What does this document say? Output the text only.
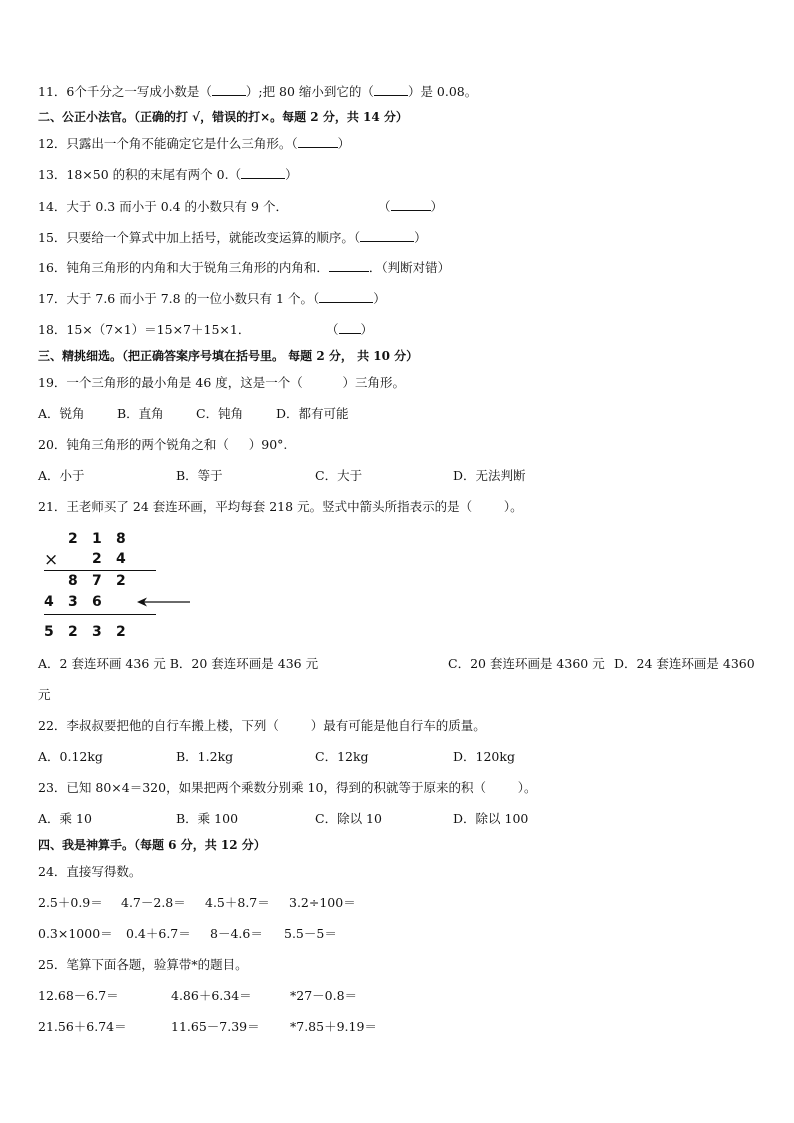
11．6个千分之一写成小数是（	）;把 80 缩小到它的（	）是 0.08。
二、公正小法官。（正确的打 √，错误的打×。每题 2 分，共 14 分）
12．只露出一个角不能确定它是什么三角形。（	）
13．18×50 的积的末尾有两个 0.（	）
14．大于 0.3 而小于 0.4 的小数只有 9 个．	（	）
15．只要给一个算式中加上括号，就能改变运算的顺序。（	）
16．钝角三角形的内角和大于锐角三角形的内角和．	．（判断对错）
17．大于 7.6 而小于 7.8 的一位小数只有 1 个。（	）
18．15×（7×1）＝15×7＋15×1．	（ ）
三、精挑细选。（把正确答案序号填在括号里。 每题 2 分， 共 10 分）
19．一个三角形的最小角是 46 度，这是一个（          ）三角形。
A．锐角	B．直角	C．钝角	D．都有可能
20．钝角三角形的两个锐角之和（     ）90°.
A．小于	B．等于	C．大于	D．无法判断
21．王老师买了 24 套连环画，平均每套 218 元。竖式中箭头所指表示的是（        ）。
2 1 8
× 2 4
8 7 2
4 3 6
5 2 3 2
A．2 套连环画 436 元 B．20 套连环画是 436 元	C．20 套连环画是 4360 元 D．24 套连环画是 4360
元
22．李叔叔要把他的自行车搬上楼，下列（        ）最有可能是他自行车的质量。
A．0.12kg	B．1.2kg	C．12kg	D．120kg
23．已知 80×4＝320，如果把两个乘数分别乘 10，得到的积就等于原来的积（        ）。
A．乘 10	B．乘 100	C．除以 10	D．除以 100
四、我是神算手。（每题 6 分，共 12 分）
24．直接写得数。
2.5＋0.9＝ 4.7－2.8＝ 4.5＋8.7＝ 3.2÷100＝
0.3×1000＝ 0.4＋6.7＝ 8－4.6＝ 5.5－5＝
25．笔算下面各题，验算带*的题目。
12.68－6.7＝	4.86＋6.34＝	*27－0.8＝
21.56＋6.74＝	11.65－7.39＝ *7.85＋9.19＝
